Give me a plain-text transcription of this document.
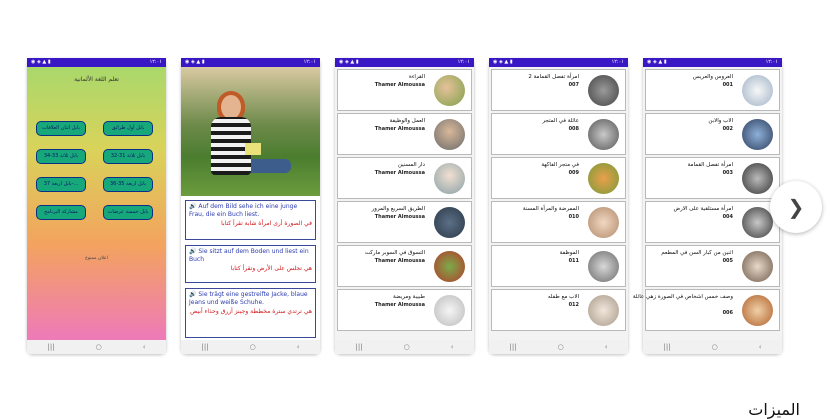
◉ ◈ ▲ ▮	١٢:٠١
تعلم اللغة الألمانية
بابل أول طرائق
بابل اثنان العلاقات
بابل ثلاثة 31-32
بابل ثلاثة 33-34
بابل اربعة 35-36
بابل اربعة 37-...
بابل خمسة عرضات
مشاركة البرنامج
اعلان ممنوع
|||	○	‹
◉ ◈ ▲ ▮	١٢:٠١
🔊 Auf dem Bild sehe ich eine junge Frau, die ein Buch liest.
في الصورة أرى امرأة شابة تقرأ كتابا
🔊 Sie sitzt auf dem Boden und liest ein Buch
هي تجلس على الأرض وتقرأ كتابا
🔊 Sie trägt eine gestreifte Jacke, blaue Jeans und weiße Schuhe.
هي ترتدي سترة مخططة وجينز أزرق وحذاء أبيض
|||	○	‹
◉ ◈ ▲ ▮	١٢:٠١
القراءة
Thamer Almoussa
العمل والوظيفة
Thamer Almoussa
دار المسنين
Thamer Almoussa
الطريق السريع والمرور
Thamer Almoussa
التسوق في السوبر ماركت
Thamer Almoussa
طبيبة ومريضة
Thamer Almoussa
|||	○	‹
◉ ◈ ▲ ▮	١٢:٠١
امرأة تفصل القمامة 2
007
عائلة في المتجر
008
في متجر الفاكهة
009
الممرضة والمرأة المسنة
010
الموظفة
011
الاب مع طفله
012
|||	○	‹
◉ ◈ ▲ ▮	١٢:٠١
العروس والعريس
001
الاب والابن
002
امرأة تفصل القمامة
003
امرأة مستلقية على الارض
004
اثنين من كبار السن في المطعم
005
وصف خمس اشخاص في الصورة زهي عائلة
006
|||	○	‹
❯
الميزات
